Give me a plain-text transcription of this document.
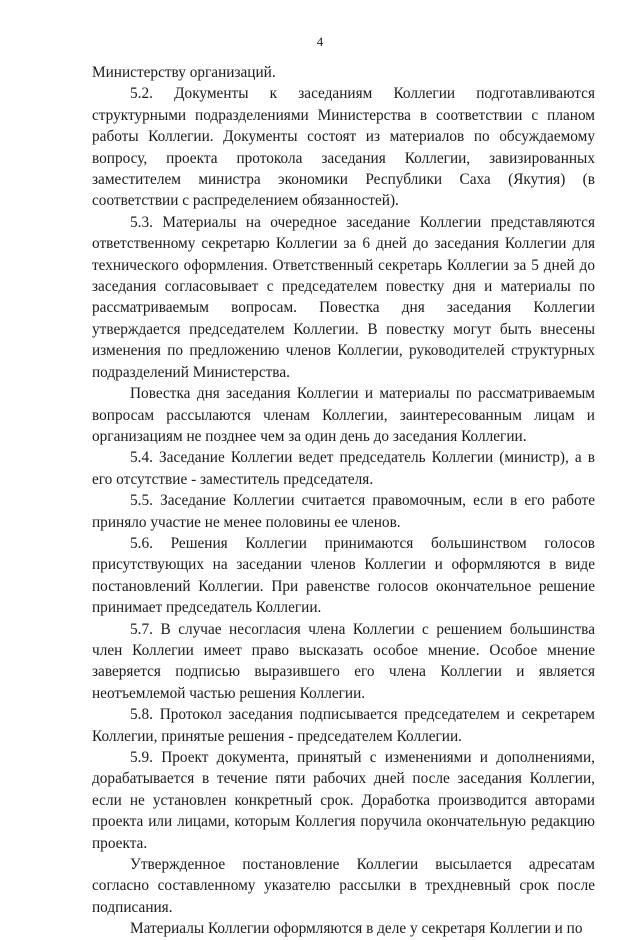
4

Министерству организаций.

5.2. Документы к заседаниям Коллегии подготавливаются структурными подразделениями Министерства в соответствии с планом работы Коллегии. Документы состоят из материалов по обсуждаемому вопросу, проекта протокола заседания Коллегии, завизированных заместителем министра экономики Республики Саха (Якутия) (в соответствии с распределением обязанностей).

5.3. Материалы на очередное заседание Коллегии представляются ответственному секретарю Коллегии за 6 дней до заседания Коллегии для технического оформления. Ответственный секретарь Коллегии за 5 дней до заседания согласовывает с председателем повестку дня и материалы по рассматриваемым вопросам. Повестка дня заседания Коллегии утверждается председателем Коллегии. В повестку могут быть внесены изменения по предложению членов Коллегии, руководителей структурных подразделений Министерства.

Повестка дня заседания Коллегии и материалы по рассматриваемым вопросам рассылаются членам Коллегии, заинтересованным лицам и организациям не позднее чем за один день до заседания Коллегии.

5.4. Заседание Коллегии ведет председатель Коллегии (министр), а в его отсутствие - заместитель председателя.

5.5. Заседание Коллегии считается правомочным, если в его работе приняло участие не менее половины ее членов.

5.6. Решения Коллегии принимаются большинством голосов присутствующих на заседании членов Коллегии и оформляются в виде постановлений Коллегии. При равенстве голосов окончательное решение принимает председатель Коллегии.

5.7. В случае несогласия члена Коллегии с решением большинства член Коллегии имеет право высказать особое мнение. Особое мнение заверяется подписью выразившего его члена Коллегии и является неотъемлемой частью решения Коллегии.

5.8. Протокол заседания подписывается председателем и секретарем Коллегии, принятые решения - председателем Коллегии.

5.9. Проект документа, принятый с изменениями и дополнениями, дорабатывается в течение пяти рабочих дней после заседания Коллегии, если не установлен конкретный срок. Доработка производится авторами проекта или лицами, которым Коллегия поручила окончательную редакцию проекта.

Утвержденное постановление Коллегии высылается адресатам согласно составленному указателю рассылки в трехдневный срок после подписания.

Материалы Коллегии оформляются в деле у секретаря Коллегии и по
